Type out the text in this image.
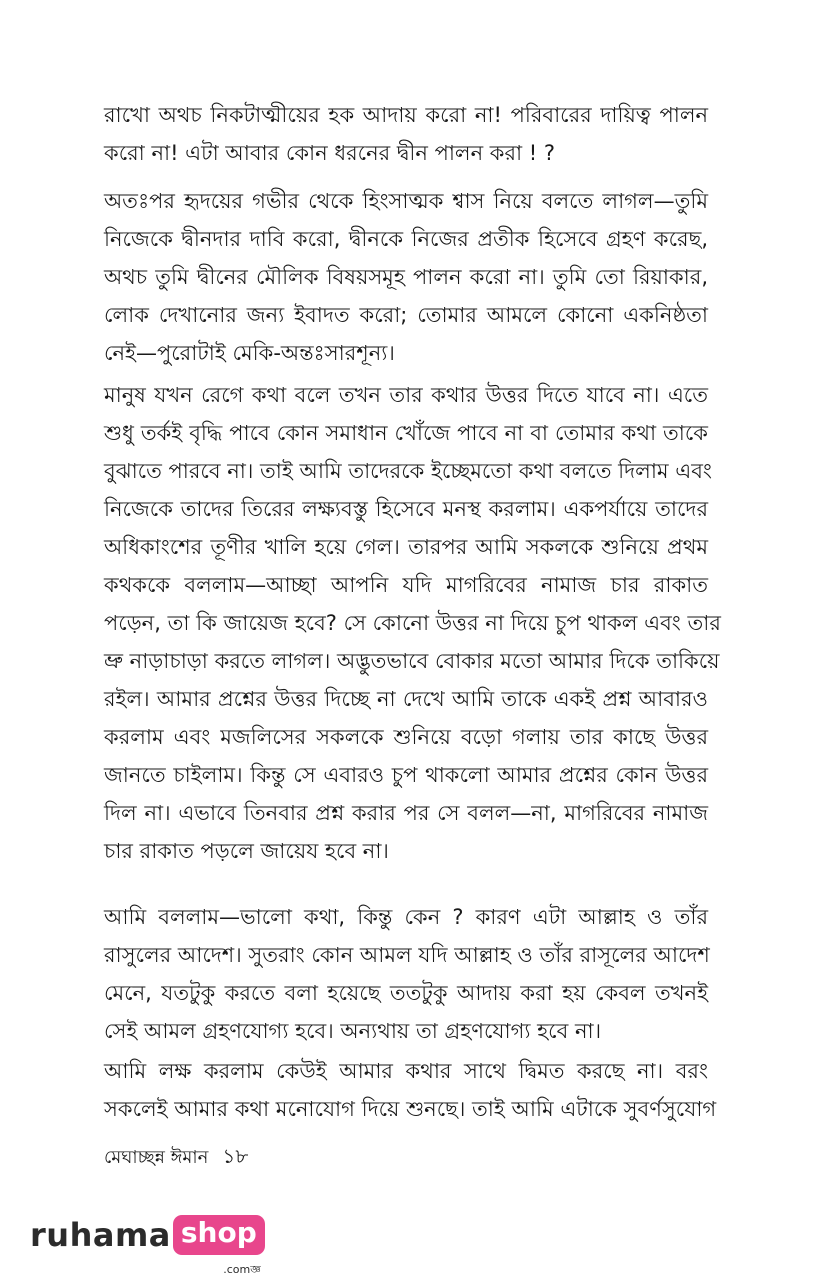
রাখো অথচ নিকটাত্মীয়ের হক আদায় করো না! পরিবারের দায়িত্ব পালন
করো না! এটা আবার কোন ধরনের দ্বীন পালন করা ! ?
অতঃপর হৃদয়ের গভীর থেকে হিংসাত্মক শ্বাস নিয়ে বলতে লাগল—তুমি
নিজেকে দ্বীনদার দাবি করো, দ্বীনকে নিজের প্রতীক হিসেবে গ্রহণ করেছ,
অথচ তুমি দ্বীনের মৌলিক বিষয়সমূহ পালন করো না। তুমি তো রিয়াকার,
লোক দেখানোর জন্য ইবাদত করো; তোমার আমলে কোনো একনিষ্ঠতা
নেই—পুরোটাই মেকি-অন্তঃসারশূন্য।
মানুষ যখন রেগে কথা বলে তখন তার কথার উত্তর দিতে যাবে না। এতে
শুধু তর্কই বৃদ্ধি পাবে কোন সমাধান খোঁজে পাবে না বা তোমার কথা তাকে
বুঝাতে পারবে না। তাই আমি তাদেরকে ইচ্ছেমতো কথা বলতে দিলাম এবং
নিজেকে তাদের তিরের লক্ষ্যবস্তু হিসেবে মনস্থ করলাম। একপর্যায়ে তাদের
অধিকাংশের তূণীর খালি হয়ে গেল। তারপর আমি সকলকে শুনিয়ে প্রথম
কথককে বললাম—আচ্ছা আপনি যদি মাগরিবের নামাজ চার রাকাত
পড়েন, তা কি জায়েজ হবে? সে কোনো উত্তর না দিয়ে চুপ থাকল এবং তার
ভ্রু নাড়াচাড়া করতে লাগল। অদ্ভুতভাবে বোকার মতো আমার দিকে তাকিয়ে
রইল। আমার প্রশ্নের উত্তর দিচ্ছে না দেখে আমি তাকে একই প্রশ্ন আবারও
করলাম এবং মজলিসের সকলকে শুনিয়ে বড়ো গলায় তার কাছে উত্তর
জানতে চাইলাম। কিন্তু সে এবারও চুপ থাকলো আমার প্রশ্নের কোন উত্তর
দিল না। এভাবে তিনবার প্রশ্ন করার পর সে বলল—না, মাগরিবের নামাজ
চার রাকাত পড়লে জায়েয হবে না।
আমি বললাম—ভালো কথা, কিন্তু কেন ? কারণ এটা আল্লাহ ও তাঁর
রাসুলের আদেশ। সুতরাং কোন আমল যদি আল্লাহ ও তাঁর রাসূলের আদেশ
মেনে, যতটুকু করতে বলা হয়েছে ততটুকু আদায় করা হয় কেবল তখনই
সেই আমল গ্রহণযোগ্য হবে। অন্যথায় তা গ্রহণযোগ্য হবে না।
আমি লক্ষ করলাম কেউই আমার কথার সাথে দ্বিমত করছে না। বরং
সকলেই আমার কথা মনোযোগ দিয়ে শুনছে। তাই আমি এটাকে সুবর্ণসুযোগ
মেঘাচ্ছন্ন ঈমান ১৮
ruhama shop
.comজ্ঞ
